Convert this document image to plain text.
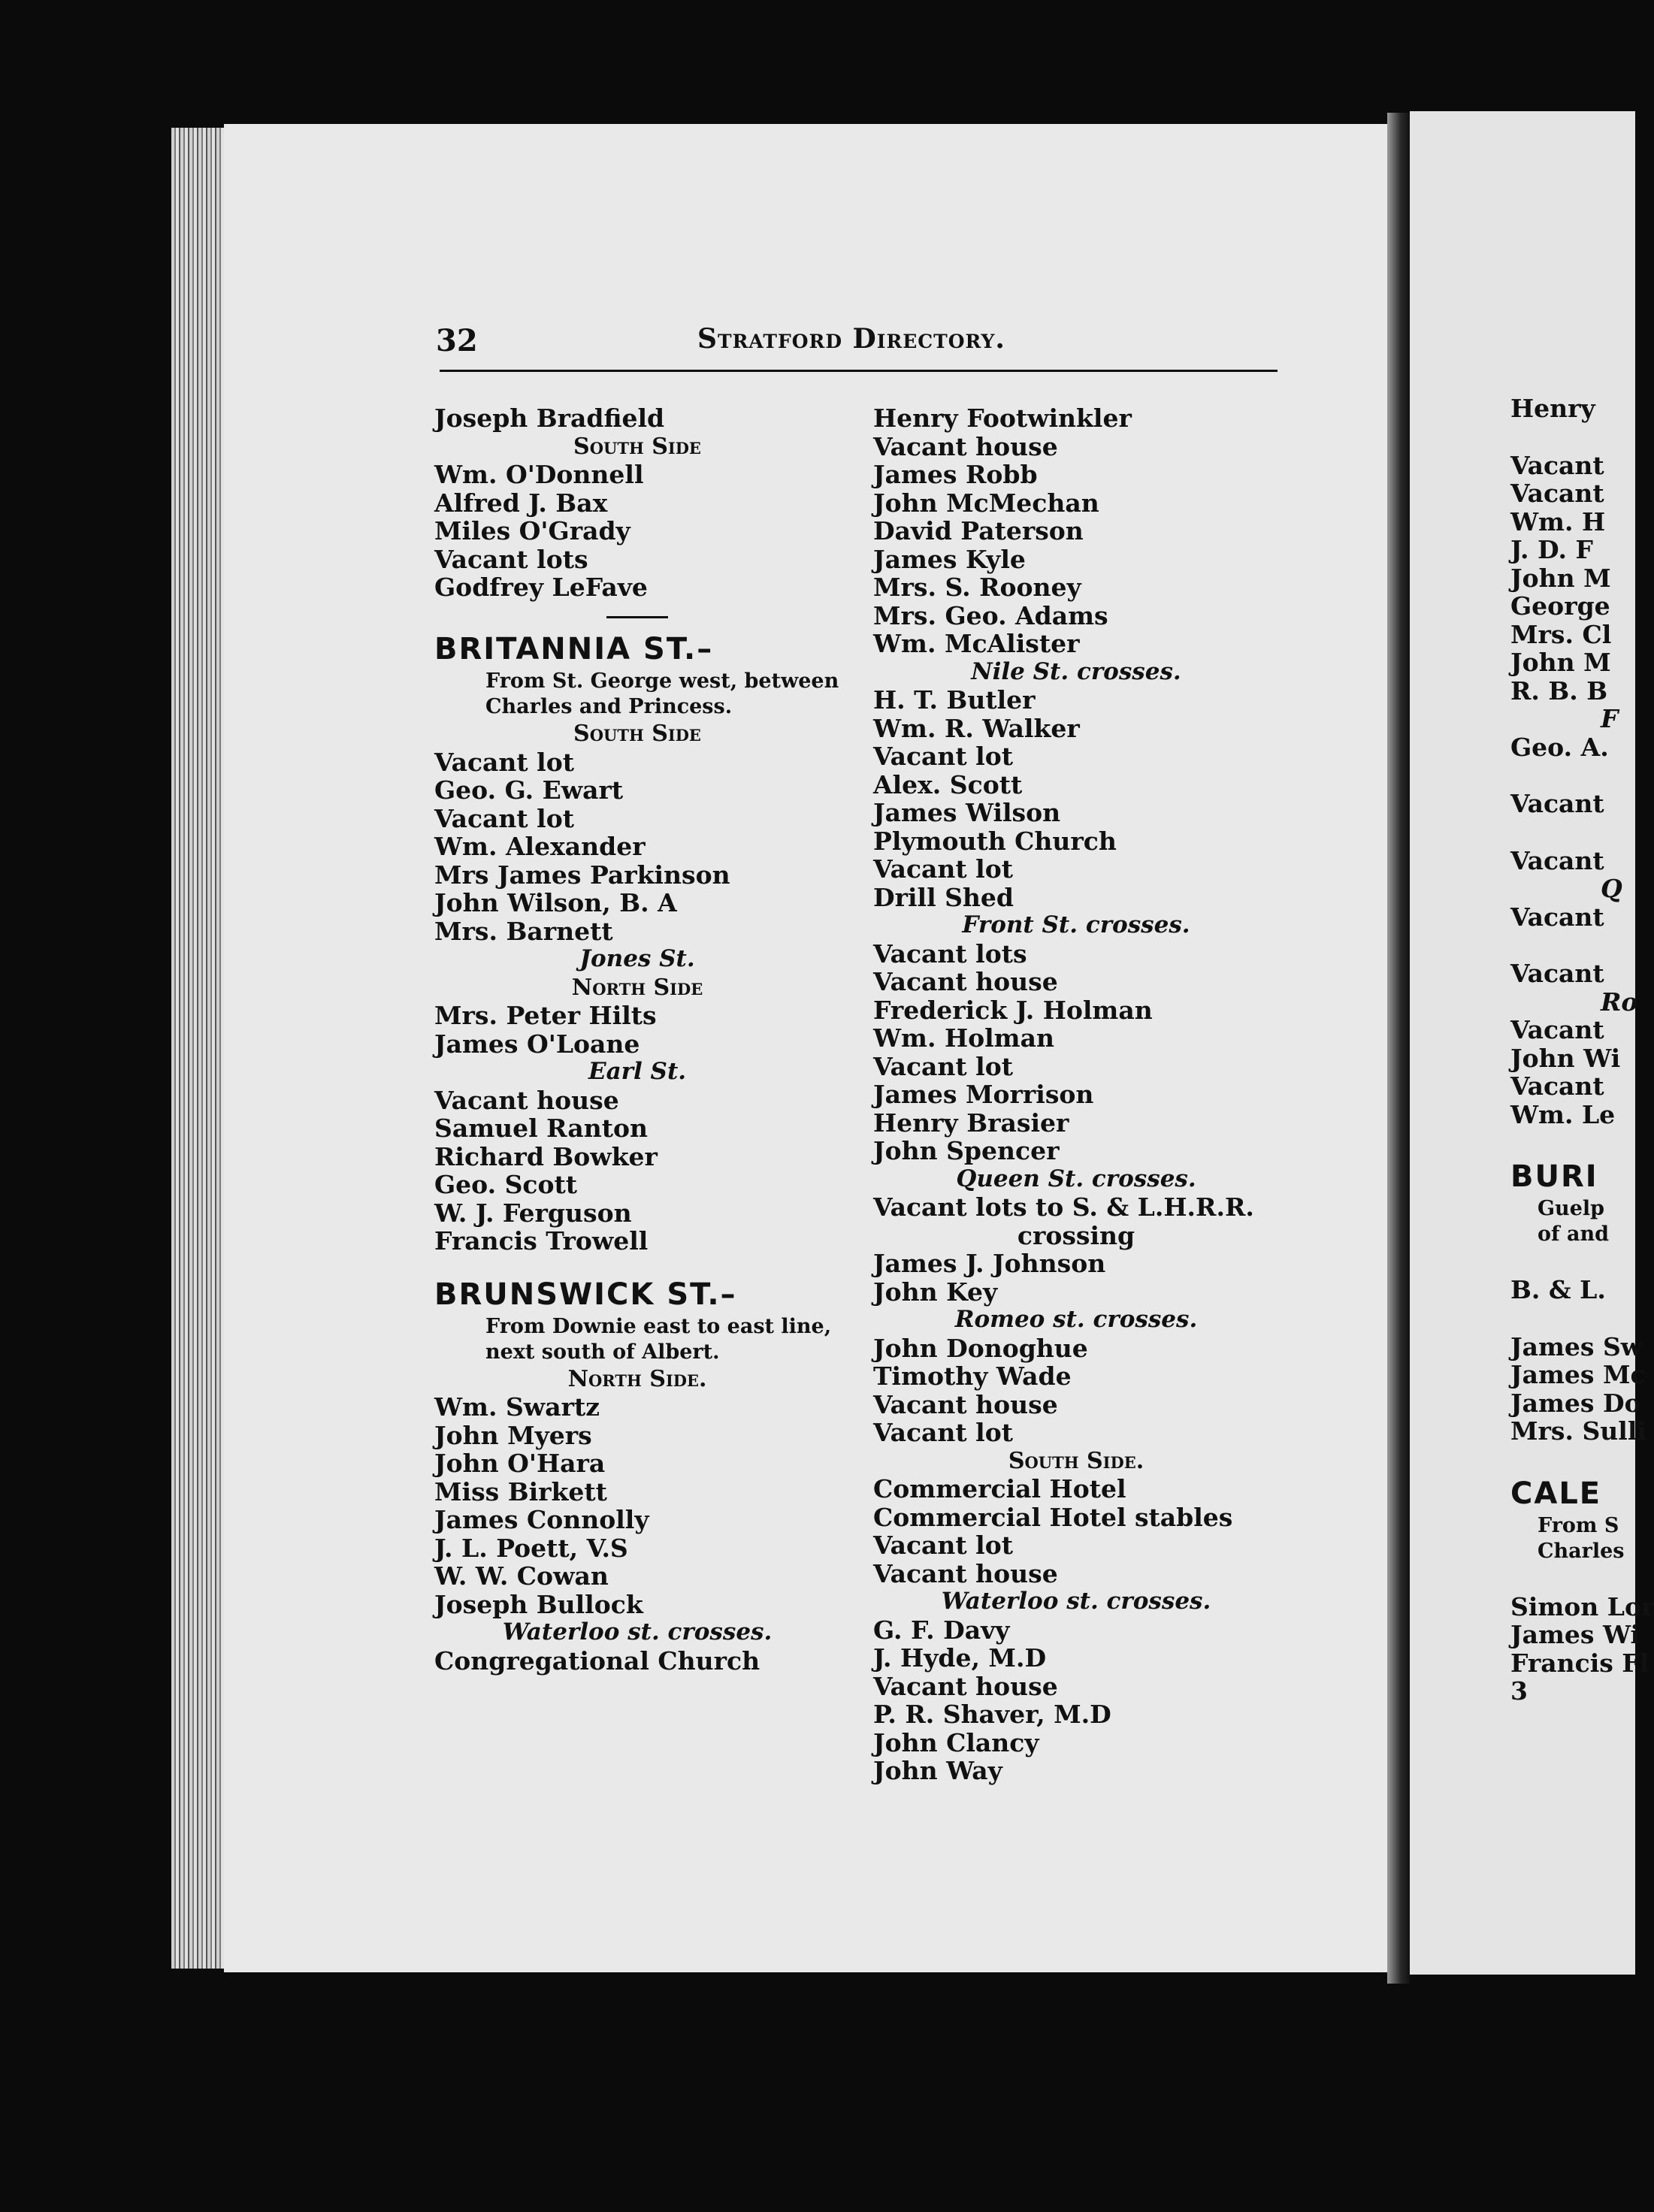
32	Stratford Directory.
Joseph Bradfield
South Side
Wm. O'Donnell
Alfred J. Bax
Miles O'Grady
Vacant lots
Godfrey LeFave
BRITANNIA ST.–
From St. George west, between
Charles and Princess.
South Side
Vacant lot
Geo. G. Ewart
Vacant lot
Wm. Alexander
Mrs James Parkinson
John Wilson, B. A
Mrs. Barnett
Jones St.
North Side
Mrs. Peter Hilts
James O'Loane
Earl St.
Vacant house
Samuel Ranton
Richard Bowker
Geo. Scott
W. J. Ferguson
Francis Trowell
BRUNSWICK ST.–
From Downie east to east line,
next south of Albert.
North Side.
Wm. Swartz
John Myers
John O'Hara
Miss Birkett
James Connolly
J. L. Poett, V.S
W. W. Cowan
Joseph Bullock
Waterloo st. crosses.
Congregational Church
Henry Footwinkler
Vacant house
James Robb
John McMechan
David Paterson
James Kyle
Mrs. S. Rooney
Mrs. Geo. Adams
Wm. McAlister
Nile St. crosses.
H. T. Butler
Wm. R. Walker
Vacant lot
Alex. Scott
James Wilson
Plymouth Church
Vacant lot
Drill Shed
Front St. crosses.
Vacant lots
Vacant house
Frederick J. Holman
Wm. Holman
Vacant lot
James Morrison
Henry Brasier
John Spencer
Queen St. crosses.
Vacant lots to S. & L.H.R.R.
crossing
James J. Johnson
John Key
Romeo st. crosses.
John Donoghue
Timothy Wade
Vacant house
Vacant lot
South Side.
Commercial Hotel
Commercial Hotel stables
Vacant lot
Vacant house
Waterloo st. crosses.
G. F. Davy
J. Hyde, M.D
Vacant house
P. R. Shaver, M.D
John Clancy
John Way
Henry
Vacant
Vacant
Wm. H
J. D. F
John M
George
Mrs. Cl
John M
R. B. B
F
Geo. A.
Vacant
Vacant
Q
Vacant
Vacant
Ro
Vacant
John Wi
Vacant
Wm. Le
BURI
Guelp
of and
B. & L.
James Sw
James Mc
James Do
Mrs. Sulli
CALE
From S
Charles
Simon Lor
James Wi
Francis Fl
3
